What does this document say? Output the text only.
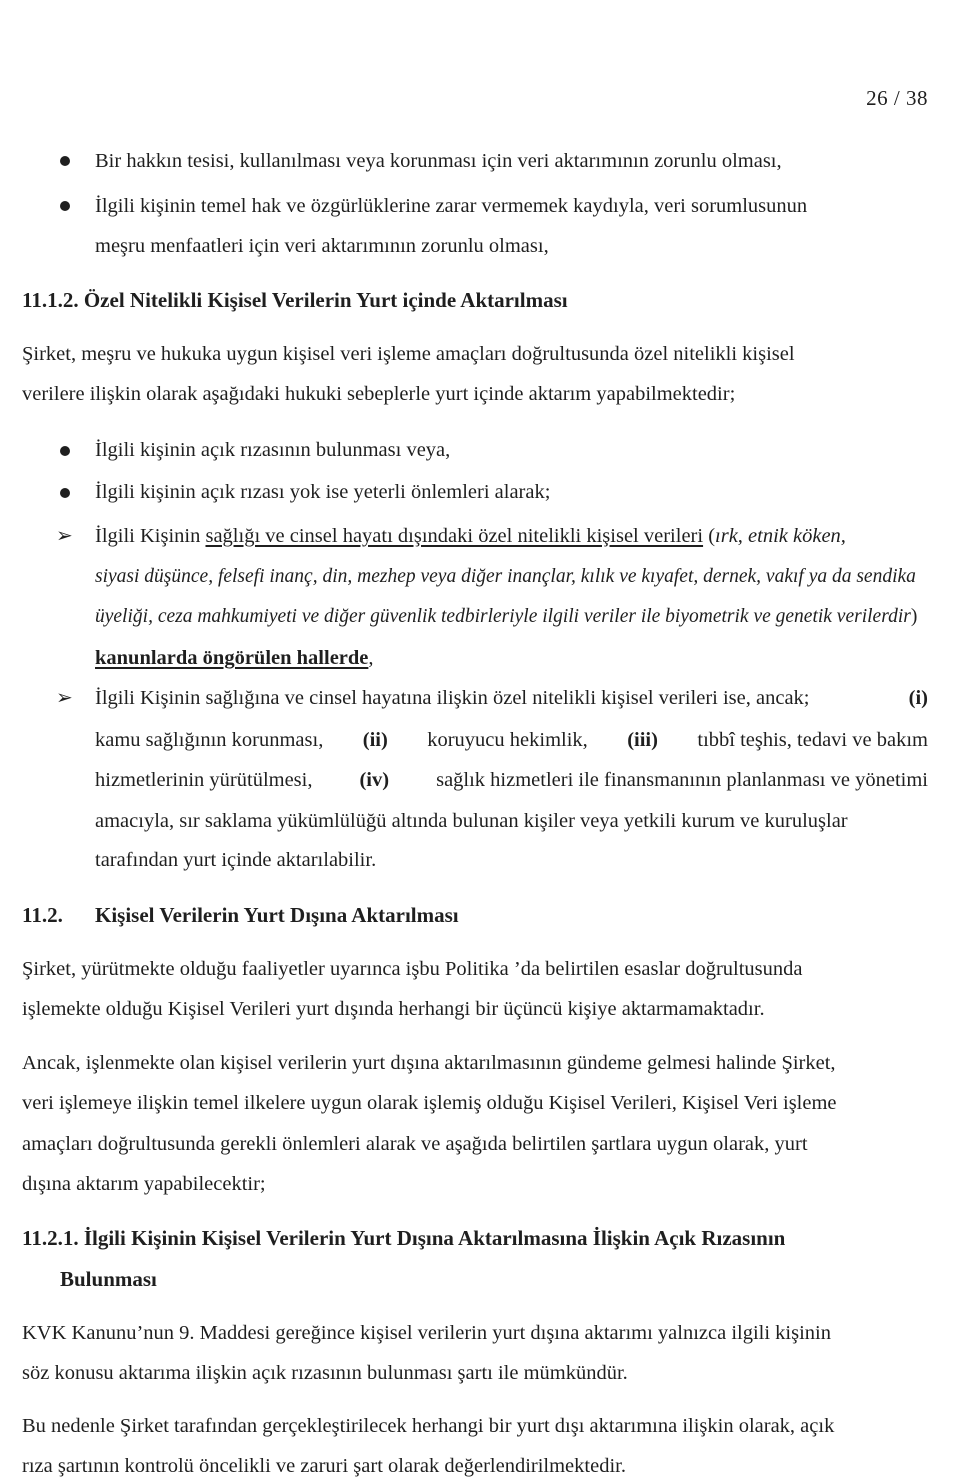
26 / 38
Bir hakkın tesisi, kullanılması veya korunması için veri aktarımının zorunlu olması,
İlgili kişinin temel hak ve özgürlüklerine zarar vermemek kaydıyla, veri sorumlusunun
meşru menfaatleri için veri aktarımının zorunlu olması,
11.1.2. Özel Nitelikli Kişisel Verilerin Yurt içinde Aktarılması
Şirket, meşru ve hukuka uygun kişisel veri işleme amaçları doğrultusunda özel nitelikli kişisel
verilere ilişkin olarak aşağıdaki hukuki sebeplerle yurt içinde aktarım yapabilmektedir;
İlgili kişinin açık rızasının bulunması veya,
İlgili kişinin açık rızası yok ise yeterli önlemleri alarak;
➢ İlgili Kişinin sağlığı ve cinsel hayatı dışındaki özel nitelikli kişisel verileri (ırk, etnik köken,
siyasi düşünce, felsefi inanç, din, mezhep veya diğer inançlar, kılık ve kıyafet, dernek, vakıf ya da sendika
üyeliği, ceza mahkumiyeti ve diğer güvenlik tedbirleriyle ilgili veriler ile biyometrik ve genetik verilerdir)
kanunlarda öngörülen hallerde,
➢ İlgili Kişinin sağlığına ve cinsel hayatına ilişkin özel nitelikli kişisel verileri ise, ancak;	(i)
kamu sağlığının korunması, (ii) koruyucu hekimlik, (iii) tıbbî teşhis, tedavi ve bakım
hizmetlerinin yürütülmesi, (iv) sağlık hizmetleri ile finansmanının planlanması ve yönetimi
amacıyla, sır saklama yükümlülüğü altında bulunan kişiler veya yetkili kurum ve kuruluşlar
tarafından yurt içinde aktarılabilir.
11.2. Kişisel Verilerin Yurt Dışına Aktarılması
Şirket, yürütmekte olduğu faaliyetler uyarınca işbu Politika ’da belirtilen esaslar doğrultusunda
işlemekte olduğu Kişisel Verileri yurt dışında herhangi bir üçüncü kişiye aktarmamaktadır.
Ancak, işlenmekte olan kişisel verilerin yurt dışına aktarılmasının gündeme gelmesi halinde Şirket,
veri işlemeye ilişkin temel ilkelere uygun olarak işlemiş olduğu Kişisel Verileri, Kişisel Veri işleme
amaçları doğrultusunda gerekli önlemleri alarak ve aşağıda belirtilen şartlara uygun olarak, yurt
dışına aktarım yapabilecektir;
11.2.1. İlgili Kişinin Kişisel Verilerin Yurt Dışına Aktarılmasına İlişkin Açık Rızasının
Bulunması
KVK Kanunu’nun 9. Maddesi gereğince kişisel verilerin yurt dışına aktarımı yalnızca ilgili kişinin
söz konusu aktarıma ilişkin açık rızasının bulunması şartı ile mümkündür.
Bu nedenle Şirket tarafından gerçekleştirilecek herhangi bir yurt dışı aktarımına ilişkin olarak, açık
rıza şartının kontrolü öncelikli ve zaruri şart olarak değerlendirilmektedir.
